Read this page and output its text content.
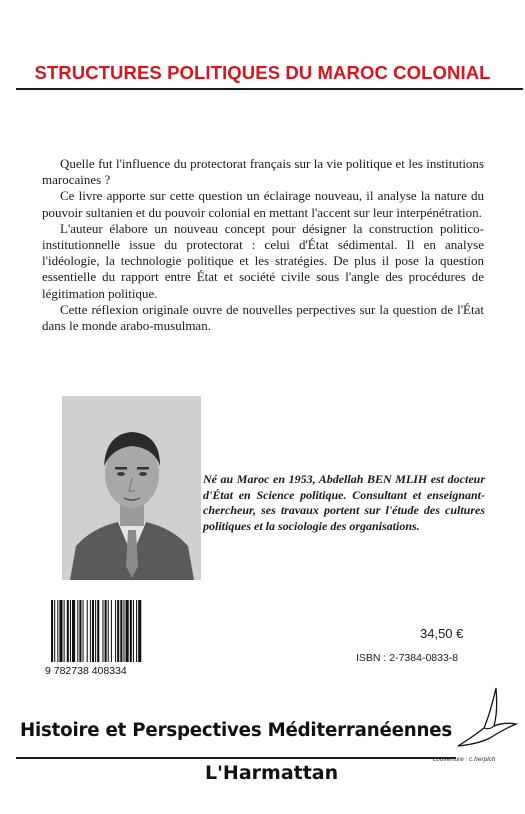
STRUCTURES POLITIQUES DU MAROC COLONIAL

Quelle fut l'influence du protectorat français sur la vie politique et les institutions marocaines ?

Ce livre apporte sur cette question un éclairage nouveau, il analyse la nature du pouvoir sultanien et du pouvoir colonial en mettant l'accent sur leur interpénétration.

L'auteur élabore un nouveau concept pour désigner la construction politico-institutionnelle issue du protectorat : celui d'État sédimental. Il en analyse l'idéologie, la technologie politique et les stratégies. De plus il pose la question essentielle du rapport entre État et société civile sous l'angle des procédures de légitimation politique.

Cette réflexion originale ouvre de nouvelles perpectives sur la question de l'État dans le monde arabo-musulman.

Né au Maroc en 1953, Abdellah BEN MLIH est docteur d'État en Science politique. Consultant et enseignant-chercheur, ses travaux portent sur l'étude des cultures politiques et la sociologie des organisations.
9 782738 408334
34,50 €
ISBN : 2-7384-0833-8
Histoire et Perspectives Méditerranéennes
L'Harmattan
couverture : c.herpich
